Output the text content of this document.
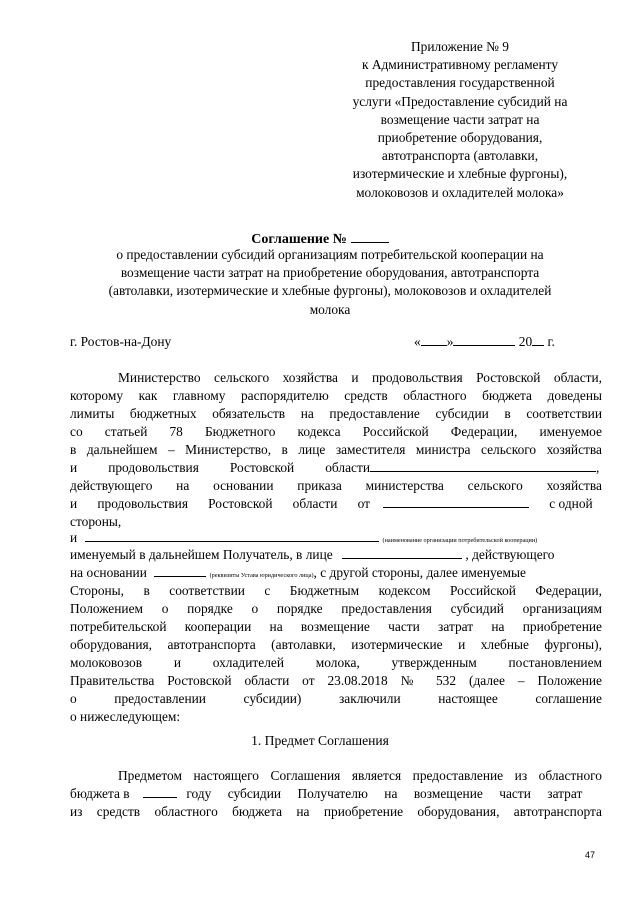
Приложение № 9
к Административному регламенту
предоставления государственной
услуги «Предоставление субсидий на
возмещение части затрат на
приобретение оборудования,
автотранспорта (автолавки,
изотермические и хлебные фургоны),
молоковозов и охладителей молока»
Соглашение №
о предоставлении субсидий организациям потребительской кооперации на
возмещение части затрат на приобретение оборудования, автотранспорта
(автолавки, изотермические и хлебные фургоны), молоковозов и охладителей
молока
г. Ростов-на-Дону	« »	20 г.
Министерство сельского хозяйства и продовольствия Ростовской области,
которому как главному распорядителю средств областного бюджета доведены
лимиты бюджетных обязательств на предоставление субсидии в соответствии
со статьей 78 Бюджетного кодекса Российской Федерации, именуемое
в дальнейшем – Министерство, в лице заместителя министра сельского хозяйства
и продовольствия Ростовской области	,
действующего на основании приказа министерства сельского хозяйства
и продовольствия Ростовской области от	с одной
стороны,
и	(наименование организации потребительской кооперации)
именуемый в дальнейшем Получатель, в лице	, действующего
на основании	(реквизиты Устава юридического лица), с другой стороны, далее именуемые
Стороны, в соответствии с Бюджетным кодексом Российской Федерации,
Положением о порядке о порядке предоставления субсидий организациям
потребительской кооперации на возмещение части затрат на приобретение
оборудования, автотранспорта (автолавки, изотермические и хлебные фургоны),
молоковозов и охладителей молока, утвержденным постановлением
Правительства Ростовской области от 23.08.2018 № 532 (далее – Положение
о предоставлении субсидии) заключили настоящее соглашение
о нижеследующем:
1. Предмет Соглашения
Предметом настоящего Соглашения является предоставление из областного
бюджета в	году субсидии Получателю на возмещение части затрат
из средств областного бюджета на приобретение оборудования, автотранспорта
47
